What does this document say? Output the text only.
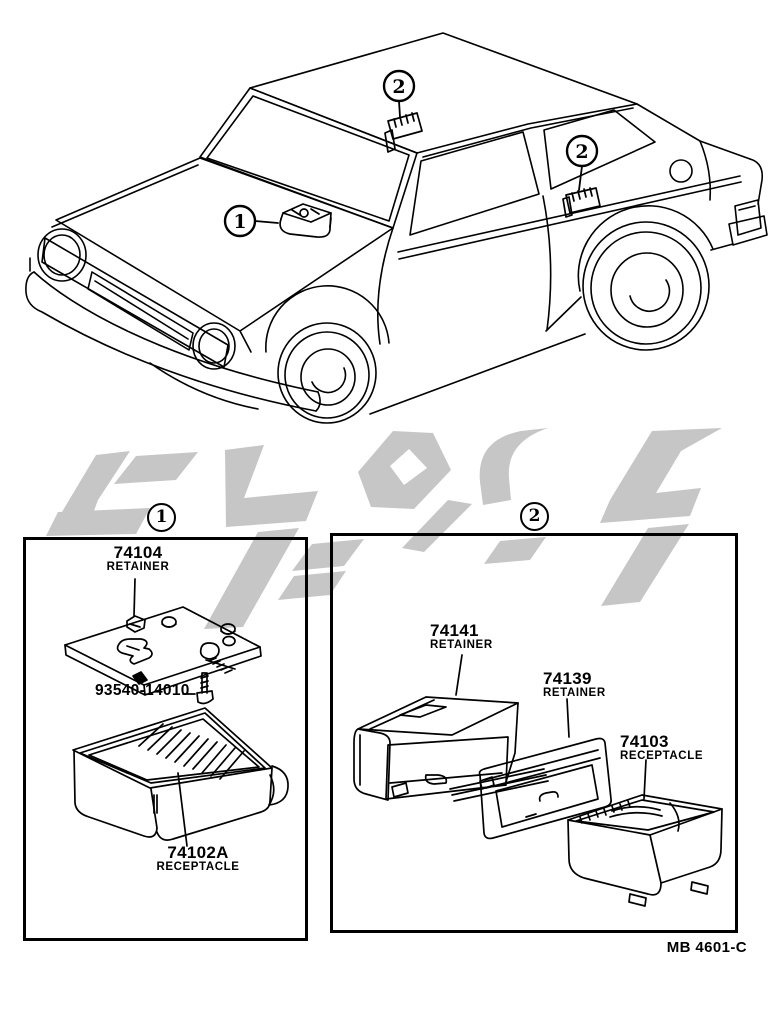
1
2
2
1	2
74104
RETAINER
93540-14010
74102A
RECEPTACLE
74141
RETAINER
74139
RETAINER
74103
RECEPTACLE
MB 4601-C
